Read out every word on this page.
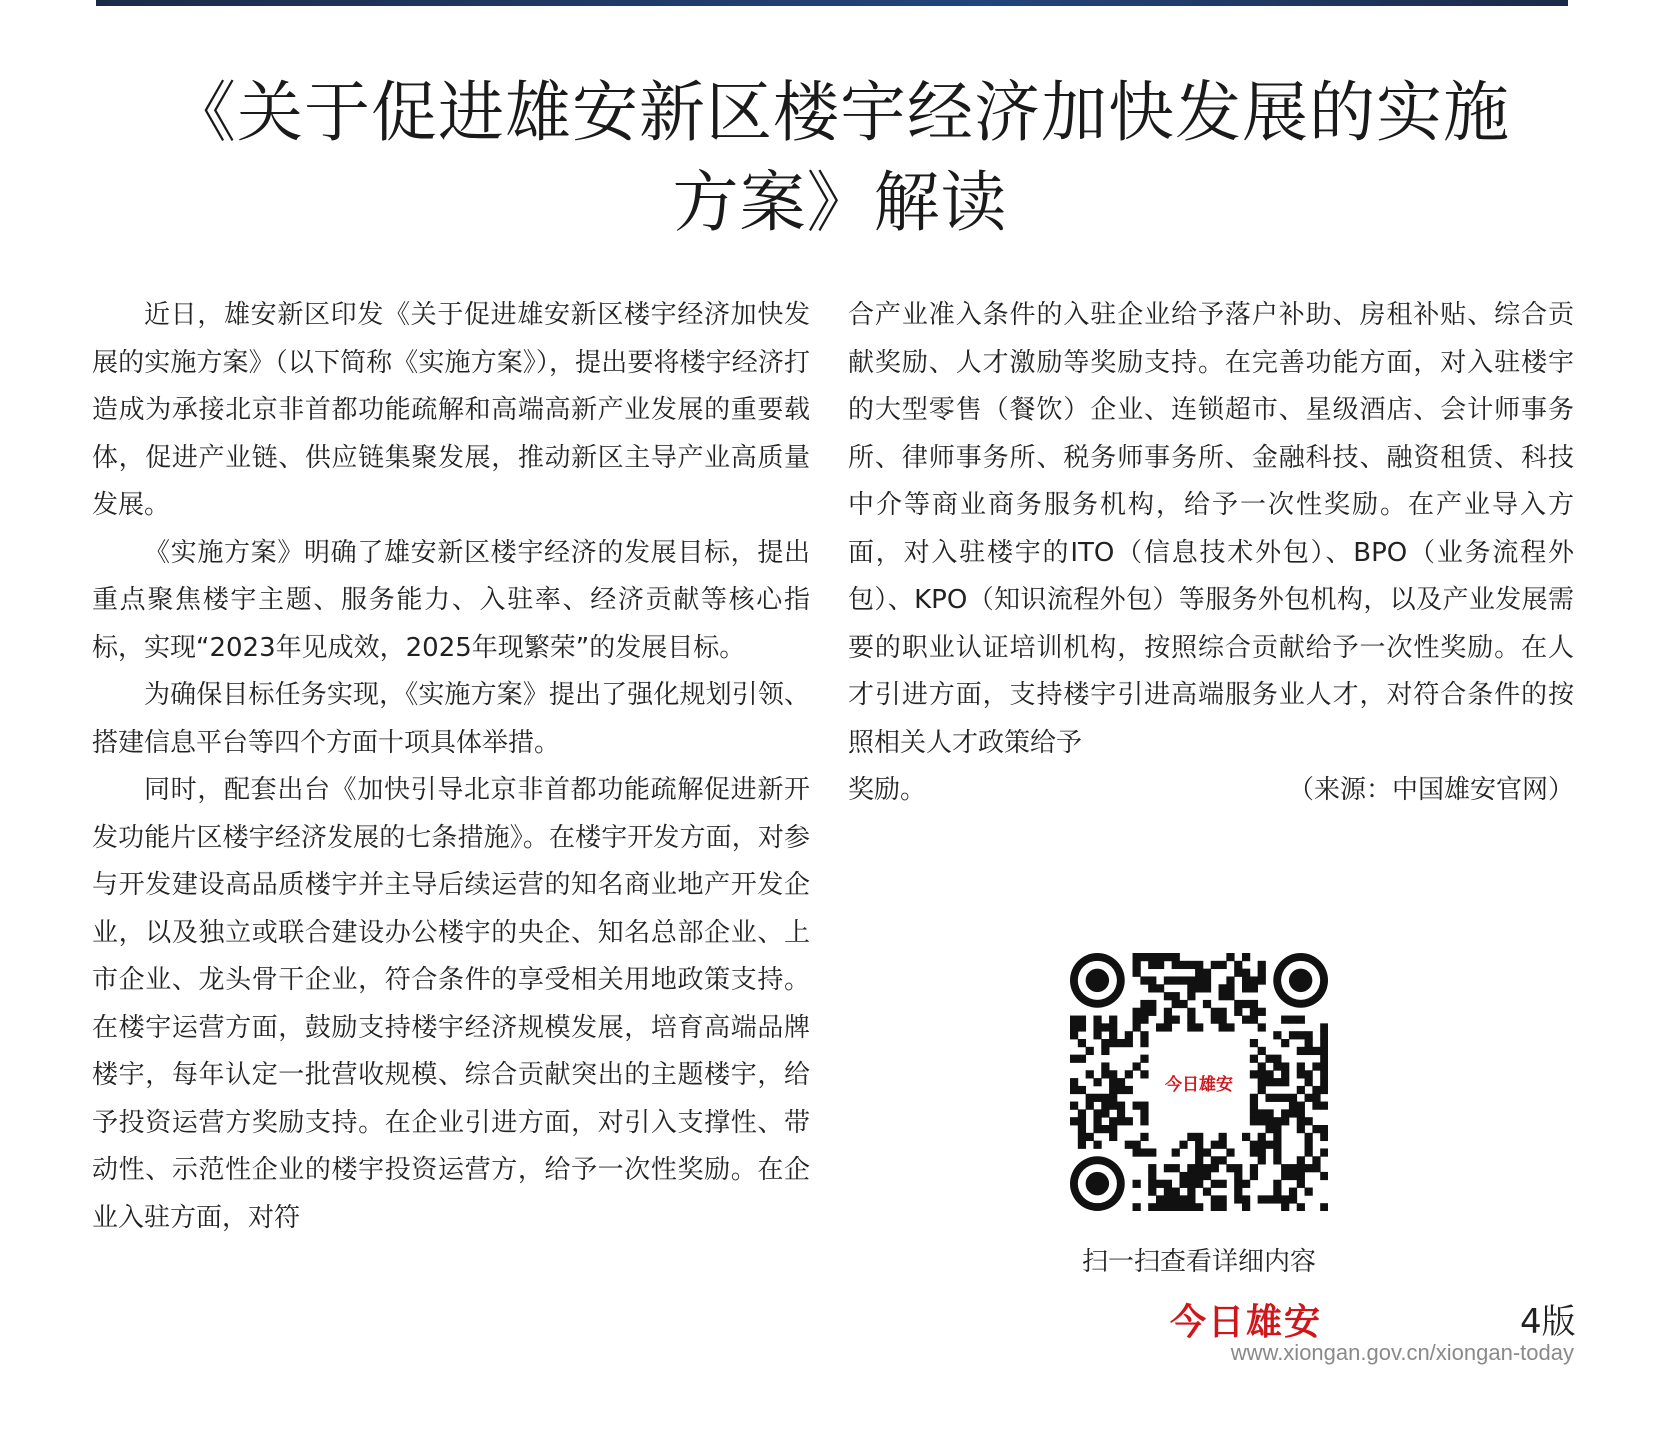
《关于促进雄安新区楼宇经济加快发展的实施
方案》解读

近日，雄安新区印发《关于促进雄安新区楼宇经济加快发展的实施方案》（以下简称《实施方案》），提出要将楼宇经济打造成为承接北京非首都功能疏解和高端高新产业发展的重要载体，促进产业链、供应链集聚发展，推动新区主导产业高质量发展。

《实施方案》明确了雄安新区楼宇经济的发展目标，提出重点聚焦楼宇主题、服务能力、入驻率、经济贡献等核心指标，实现“2023年见成效，2025年现繁荣”的发展目标。

为确保目标任务实现，《实施方案》提出了强化规划引领、搭建信息平台等四个方面十项具体举措。

同时，配套出台《加快引导北京非首都功能疏解促进新开发功能片区楼宇经济发展的七条措施》。在楼宇开发方面，对参与开发建设高品质楼宇并主导后续运营的知名商业地产开发企业，以及独立或联合建设办公楼宇的央企、知名总部企业、上市企业、龙头骨干企业，符合条件的享受相关用地政策支持。在楼宇运营方面，鼓励支持楼宇经济规模发展，培育高端品牌楼宇，每年认定一批营收规模、综合贡献突出的主题楼宇，给予投资运营方奖励支持。在企业引进方面，对引入支撑性、带动性、示范性企业的楼宇投资运营方，给予一次性奖励。在企业入驻方面，对符

合产业准入条件的入驻企业给予落户补助、房租补贴、综合贡献奖励、人才激励等奖励支持。在完善功能方面，对入驻楼宇的大型零售（餐饮）企业、连锁超市、星级酒店、会计师事务所、律师事务所、税务师事务所、金融科技、融资租赁、科技中介等商业商务服务机构，给予一次性奖励。在产业导入方面，对入驻楼宇的ITO（信息技术外包）、BPO（业务流程外包）、KPO（知识流程外包）等服务外包机构，以及产业发展需要的职业认证培训机构，按照综合贡献给予一次性奖励。在人才引进方面，支持楼宇引进高端服务业人才，对符合条件的按照相关人才政策给予

奖励。	（来源：中国雄安官网）
今日雄安
扫一扫查看详细内容
今日雄安	4版
www.xiongan.gov.cn/xiongan-today
